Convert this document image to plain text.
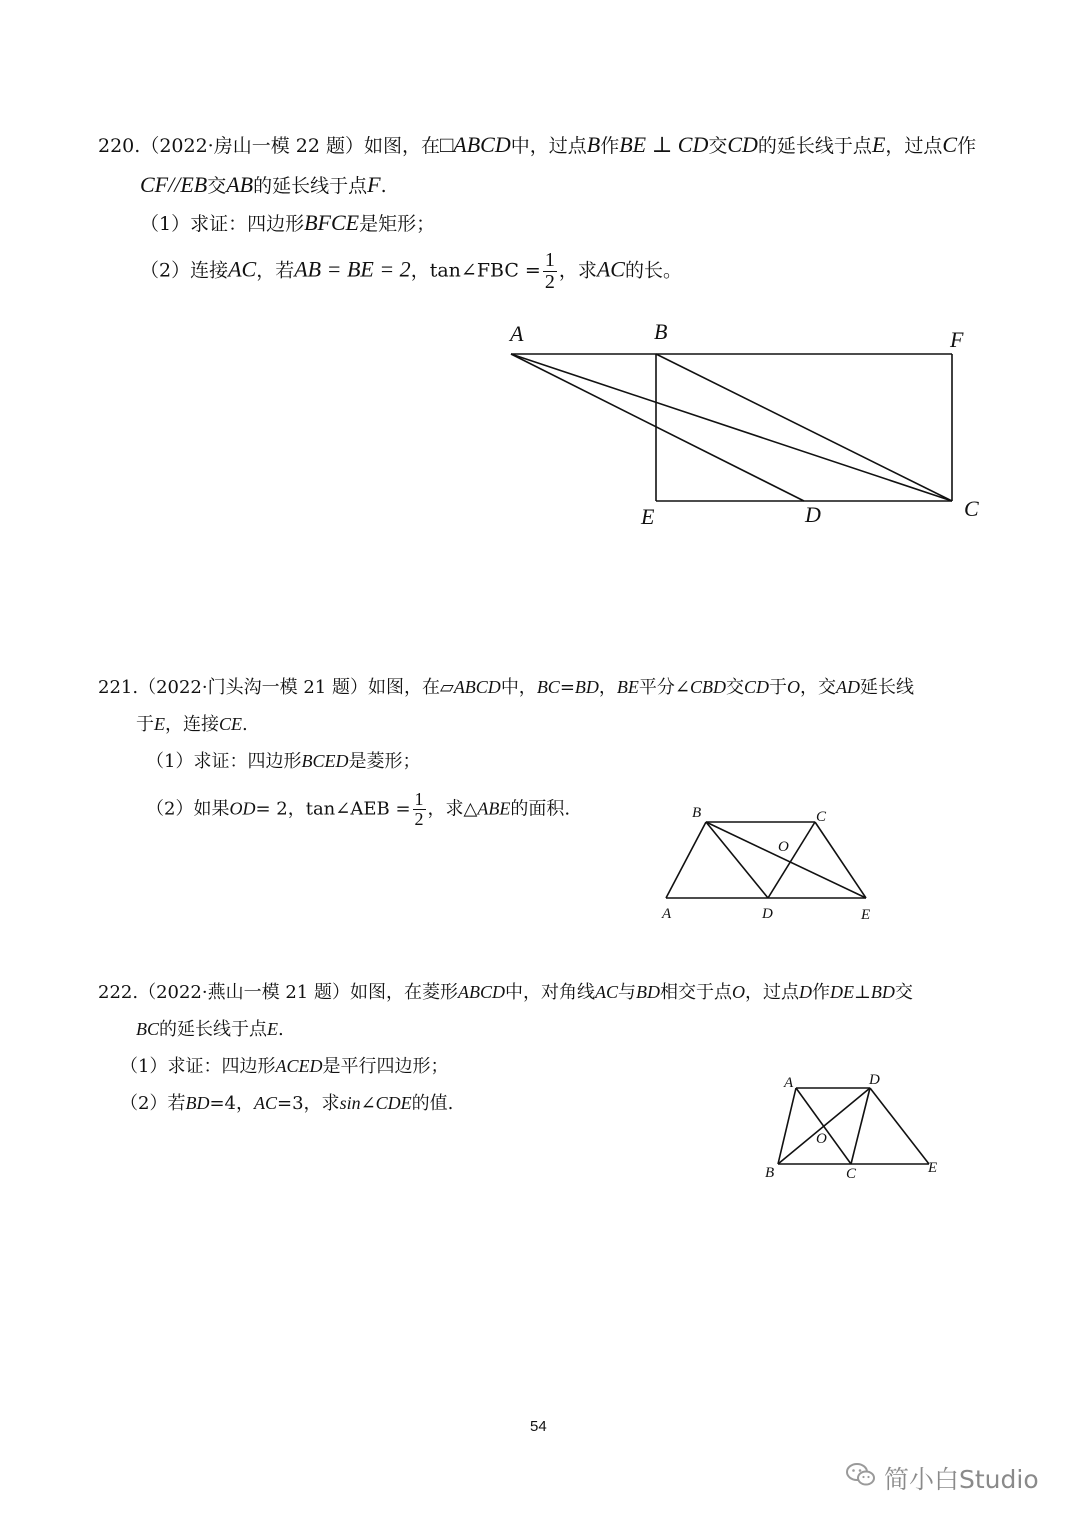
220.（2022·房山一模 22 题）如图，在□ABCD中，过点B作BE ⊥ CD交CD的延长线于点E，过点C作
CF//EB交AB的延长线于点F.
（1）求证：四边形BFCE是矩形；
（2）连接AC，若AB = BE = 2，tan∠FBC = $\frac{1}{2}$ ，求AC的长。
A	B	F
E	D	C
B	C
O
A	D	E
A	D
O
B	C	E
221.（2022·门头沟一模 21 题）如图，在▱ABCD中，BC=BD，BE平分∠CBD交CD于O，交AD延长线
于E，连接CE.
（1）求证：四边形BCED是菱形；
（2）如果OD= 2，tan∠AEB = $\frac{1}{2}$ ，求△ABE的面积.
222.（2022·燕山一模 21 题）如图，在菱形ABCD中，对角线AC与BD相交于点O，过点D作DE⊥BD交
BC的延长线于点E.
（1）求证：四边形ACED是平行四边形；
（2）若BD=4，AC=3，求sin∠CDE的值.
54
简小白Studio
